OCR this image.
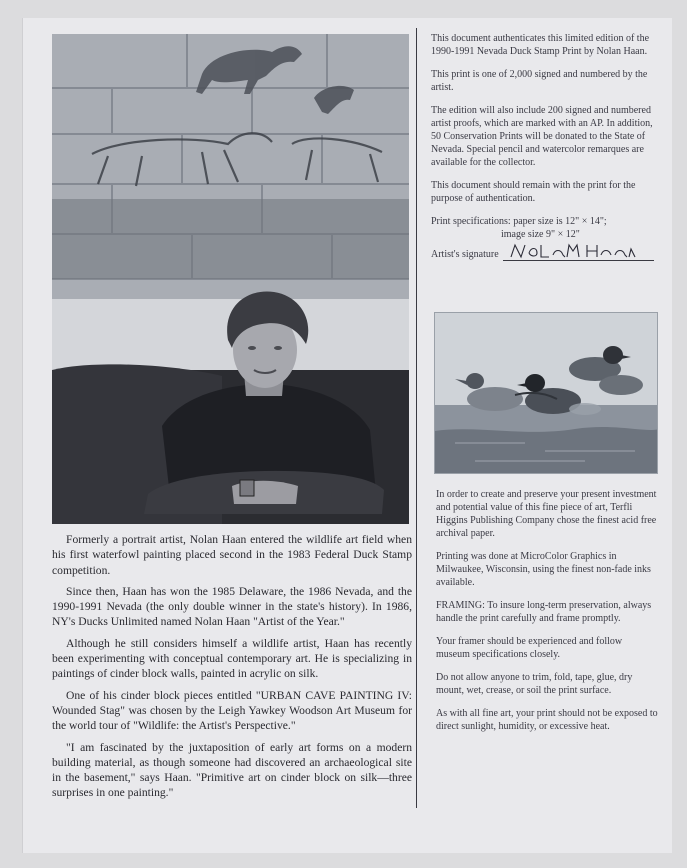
Formerly a portrait artist, Nolan Haan entered the wildlife art field when his first waterfowl painting placed second in the 1983 Federal Duck Stamp competition.

Since then, Haan has won the 1985 Delaware, the 1986 Nevada, and the 1990-1991 Nevada (the only double winner in the state's history). In 1986, NY's Ducks Unlimited named Nolan Haan "Artist of the Year."

Although he still considers himself a wildlife artist, Haan has recently been experimenting with conceptual contemporary art. He is specializing in paintings of cinder block walls, painted in acrylic on silk.

One of his cinder block pieces entitled "URBAN CAVE PAINTING IV: Wounded Stag" was chosen by the Leigh Yawkey Woodson Art Museum for the world tour of "Wildlife: the Artist's Perspective."

"I am fascinated by the juxtaposition of early art forms on a modern building material, as though someone had discovered an archaeological site in the basement," says Haan. "Primitive art on cinder block on silk—three surprises in one painting."

This document authenticates this limited edition of the 1990-1991 Nevada Duck Stamp Print by Nolan Haan.

This print is one of 2,000 signed and numbered by the artist.

The edition will also include 200 signed and numbered artist proofs, which are marked with an AP. In addition, 50 Conservation Prints will be donated to the State of Nevada. Special pencil and watercolor remarques are available for the collector.

This document should remain with the print for the purpose of authentication.

Print specifications: paper size is 12" × 14";
image size 9" × 12"
Artist's signature

In order to create and preserve your present investment and potential value of this fine piece of art, Terfli Higgins Publishing Company chose the finest acid free archival paper.

Printing was done at MicroColor Graphics in Milwaukee, Wisconsin, using the finest non-fade inks available.

FRAMING: To insure long-term preservation, always handle the print carefully and frame promptly.

Your framer should be experienced and follow museum specifications closely.

Do not allow anyone to trim, fold, tape, glue, dry mount, wet, crease, or soil the print surface.

As with all fine art, your print should not be exposed to direct sunlight, humidity, or excessive heat.
